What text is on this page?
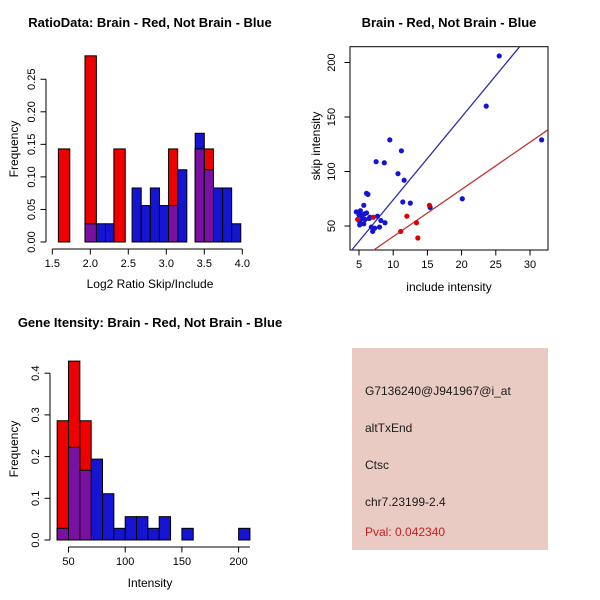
1.5 2.0 2.5 3.0 3.5 4.0
0.00
0.05
0.10
0.15
0.20
0.25
5 10 15 20 25 30
50
100
150
200
50	100	150	200
0.0
0.1
0.2
0.3
0.4
RatioData: Brain - Red, Not Brain - Blue
Log2 Ratio Skip/Include
Frequency
Brain - Red, Not Brain - Blue
include intensity
skip intensity
Gene Itensity: Brain - Red, Not Brain - Blue
Intensity
Frequency
G7136240@J941967@i_at
altTxEnd
Ctsc
chr7.23199-2.4
Pval: 0.042340
